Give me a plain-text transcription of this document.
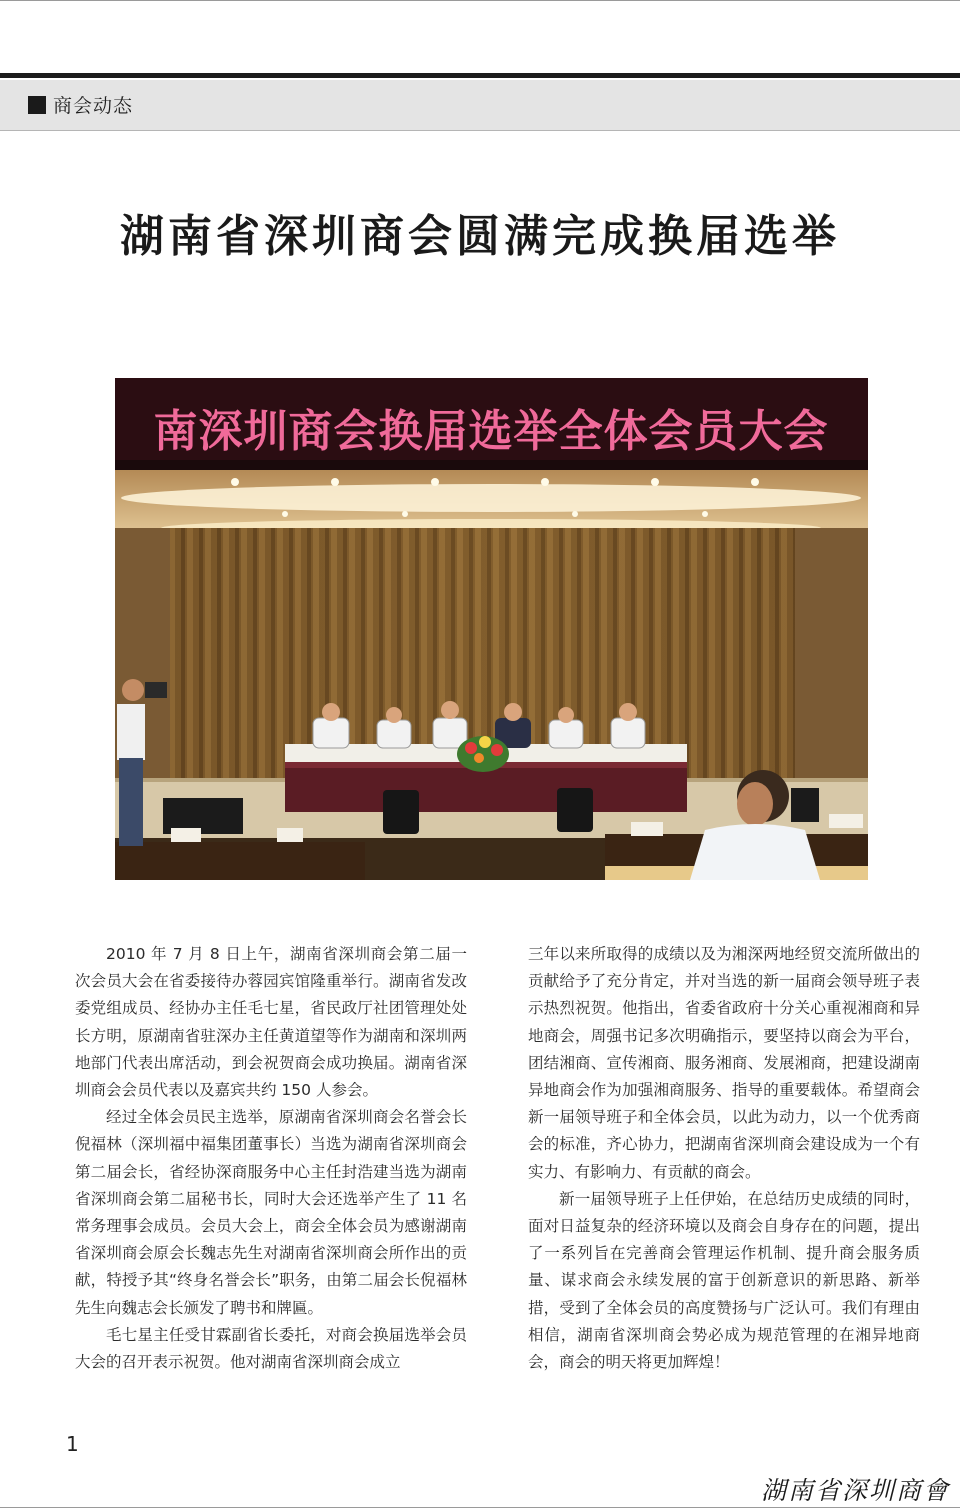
商会动态
湖南省深圳商会圆满完成换届选举
南深圳商会换届选举全体会员大会

2010 年 7 月 8 日上午，湖南省深圳商会第二届一次会员大会在省委接待办蓉园宾馆隆重举行。湖南省发改委党组成员、经协办主任毛七星，省民政厅社团管理处处长方明，原湖南省驻深办主任黄道望等作为湖南和深圳两地部门代表出席活动，到会祝贺商会成功换届。湖南省深圳商会会员代表以及嘉宾共约 150 人参会。

经过全体会员民主选举，原湖南省深圳商会名誉会长倪福林（深圳福中福集团董事长）当选为湖南省深圳商会第二届会长，省经协深商服务中心主任封浩建当选为湖南省深圳商会第二届秘书长，同时大会还选举产生了 11 名常务理事会成员。会员大会上，商会全体会员为感谢湖南省深圳商会原会长魏志先生对湖南省深圳商会所作出的贡献，特授予其“终身名誉会长”职务，由第二届会长倪福林先生向魏志会长颁发了聘书和牌匾。

毛七星主任受甘霖副省长委托，对商会换届选举会员大会的召开表示祝贺。他对湖南省深圳商会成立

三年以来所取得的成绩以及为湘深两地经贸交流所做出的贡献给予了充分肯定，并对当选的新一届商会领导班子表示热烈祝贺。他指出，省委省政府十分关心重视湘商和异地商会，周强书记多次明确指示，要坚持以商会为平台，团结湘商、宣传湘商、服务湘商、发展湘商，把建设湖南异地商会作为加强湘商服务、指导的重要载体。希望商会新一届领导班子和全体会员，以此为动力，以一个优秀商会的标准，齐心协力，把湖南省深圳商会建设成为一个有实力、有影响力、有贡献的商会。

新一届领导班子上任伊始，在总结历史成绩的同时，面对日益复杂的经济环境以及商会自身存在的问题，提出了一系列旨在完善商会管理运作机制、提升商会服务质量、谋求商会永续发展的富于创新意识的新思路、新举措，受到了全体会员的高度赞扬与广泛认可。我们有理由相信，湖南省深圳商会势必成为规范管理的在湘异地商会，商会的明天将更加辉煌！

1
湖南省深圳商會
